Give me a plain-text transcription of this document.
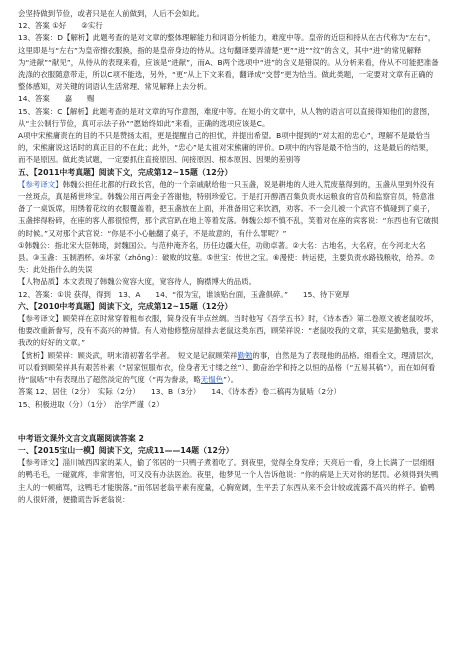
会坚持做到节俭，或者只是在人前做到，人后不会如此。

12、答案 ①好　　②实行

13、答案：D【解析】此题考查的是对文章的整体理解能力和词语分析能力，难度中等。皇帝的近臣和持从在古代称为“左右”，这里即是与“左右”为皇帝擦衣服换，指的是皇帝身边的侍从。这句翻译要弄清楚“更”“进”“纹”的含义，其中“进”的常见解释为“进献”“献见”，从侍从的表现来看，应该是“进献”，而A、B两个选项中“进”的含义是错误的。从分析来看，侍从不可能把准备洗涤的衣服随意带走，所以C项不能选，另外，“更”从上下文来看，翻译成“交替”更为恰当。做此类题，一定要对文章有正确的整体感知，对关键的词语认生活常理、常见解释上去分析。

14、答案　　嘉　　赐

15、答案：C【解析】此题考查的是对文章的写作意图，难度中等。在短小的文章中，从人物的语言可以直接得知他们的意图，从“主公制行节俭，真可示法子孙”“愿始终如此”来看，正确的选项应该是C。

A项中宋熊庸责在的目的不只是赞扬太祖，更是提醒自己的担忧，并提出希望。B项中提到的“对太祖的忠心”，理解不是最恰当的，宋熊庸说这话时的真正目的不在此；此外，“忠心”是太祖对宋熊庸的评价。D项中的内容是最不恰当的，这是最后的结果，而不是原因。做此类试题，一定要抓住直接原因、间接原因、根本原因、因果的差别等

五、【2011中考真题】阅读下文，完成第12~15题（12分）

【参考译文】韩魏公担任北都的行政长官，他的一个亲戚献给他一只玉盏，说是耕地的人进入荒废墓得到的，玉盏从里到外没有一丝斑点，真是稀世珍宝。韩魏公用百两金子答谢他，特别珍爱它。于是打开醇酒召集负责水运粮食的官员和监察官员，特意准备了一桌饭席，用绣着花纹的衣服覆盖着，把玉盏放在上面，并准备用它来饮酒，劝客。不一会儿被一个武官不慎碰到了桌子，玉盏摔得粉碎，在座的客人都很惊愕，那个武官趴在地上等着发落。韩魏公却不慎不乱，笑着对在座的宾客说：“东西也有它破损的时候。”又对那个武官说：“你是不小心触翻了桌子，不是故意的，有什么罪呢？”

①韩魏公：指北宋大臣韩琦，封魏国公。与范仲淹齐名，历任边疆大任，功勋卓著。②大名：古地名，大名府，在今河北大名县。③玉盏：玉制酒杯。④坏家（zhǒng）：破败的坟墓。⑤世宝：传世之宝。⑥漫使：转运使，主要负责水路钱粮收，给养。⑦失：此处指什么的失误

【人物品质】本文表现了韩魏公宽容大度，宽容待人，胸襟博大的品质。

12、答案：①说 获得，得到　13、A　　14、“很为宝，谁该贴台面，玉盏俱碎。”　　15、待下宽厚

六、【2010中考真题】阅读下文，完成第12~15题（12分）

【参考译文】顾荣祥在京时常穿着粗布衣服，简身没有半点丝绸。当时他写《吾学五书》时，《诗本香》第二卷原文被老鼠咬坏，他要改重新誊写，没有不高兴的神情。有人劝他修整房屋排去老鼠这类东西，顾荣祥说：“老鼠咬我的文章，其实是勤勉我，要求我改的好好的文章。”

【赏析】顾荣祥：顾炎武，明末清初著名学者。　短文是记叙顾荣祥勤勉的事，自然是为了表现他的品格。细看全文，理清层次，可以看到顾荣祥具有艰苦朴素（“居家恒服布衣，俭身者无寸缕之丝”）、勤奋治学和持之以恒的品格（“五易其稿”），而在如何看待“鼠啮”中有表现出了超然淡定的气度（“再为誊录，略无愠色”）。

答案 12、居住（2分）　实际（2分）　　13、B（3分）　　14、《诗本香》卷二稿再为鼠啮（2分）

15、积极进取（分）（1分）　治学严谨（2）

中考语文课外文言文真题阅读答案 2

一、【2015宝山一模】阅读下文，完成11——14题（12分）

【参考译文】淄川城西四家的某人，偷了邻居的一只鸭子煮着吃了。到夜里，觉得全身发痒；天亮后一看，身上长满了一层细细的鸭毛毛，一碰就疼，非常害怕，可又没有办法医治。夜里，他梦见一个人告诉他说：“你的病是上天对你的惩罚。必须得到失鸭主人的一顿痛骂，这鸭毛才能脱落。”而邻居老翁平素有度量，心胸宽阔，生平丢了东西从来不会计较或流露不高兴的样子。偷鸭的人很奸滑，便撒谎告诉老翁说：
